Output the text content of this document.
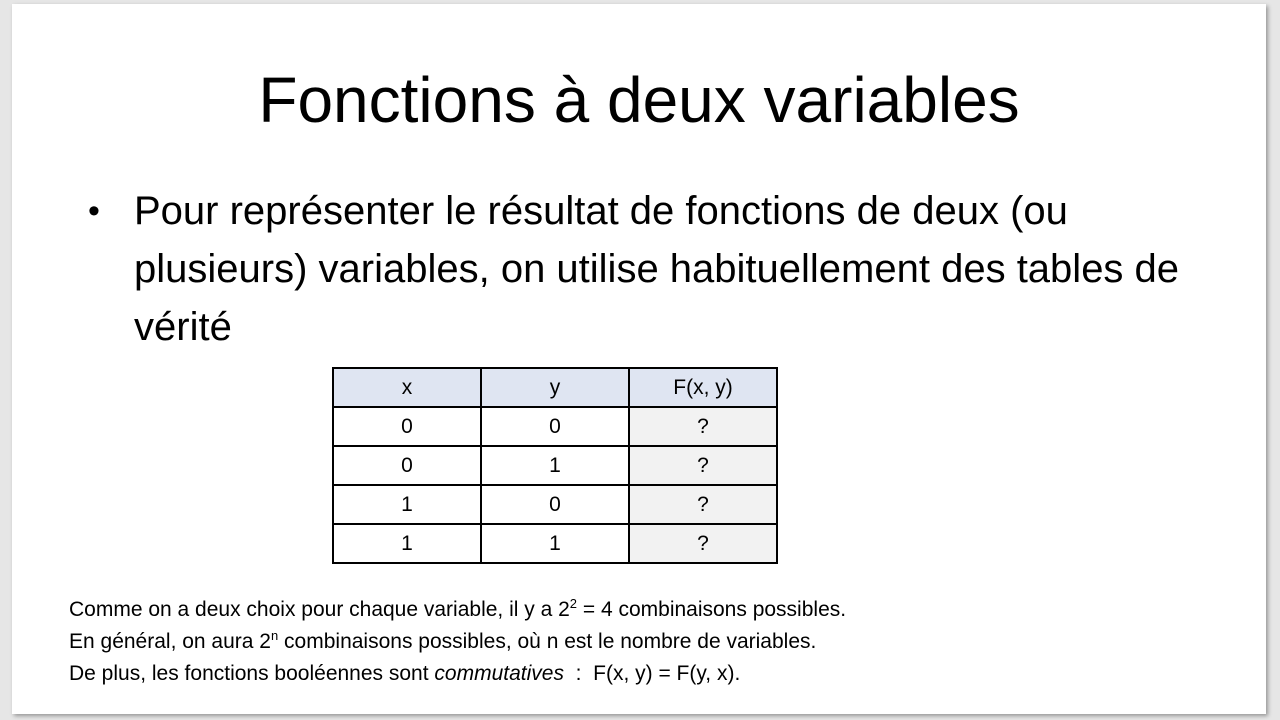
Fonctions à deux variables
• Pour représenter le résultat de fonctions de deux (ou plusieurs) variables, on utilise habituellement des tables de vérité
x	y	F(x, y)
0	0	?
0	1	?
1	0	?
1	1	?

Comme on a deux choix pour chaque variable, il y a $2^2 = 4$ combinaisons possibles.

En général, on aura 2$^n$ combinaisons possibles, où n est le nombre de variables.

De plus, les fonctions booléennes sont commutatives  :  F(x, y) = F(y, x).
